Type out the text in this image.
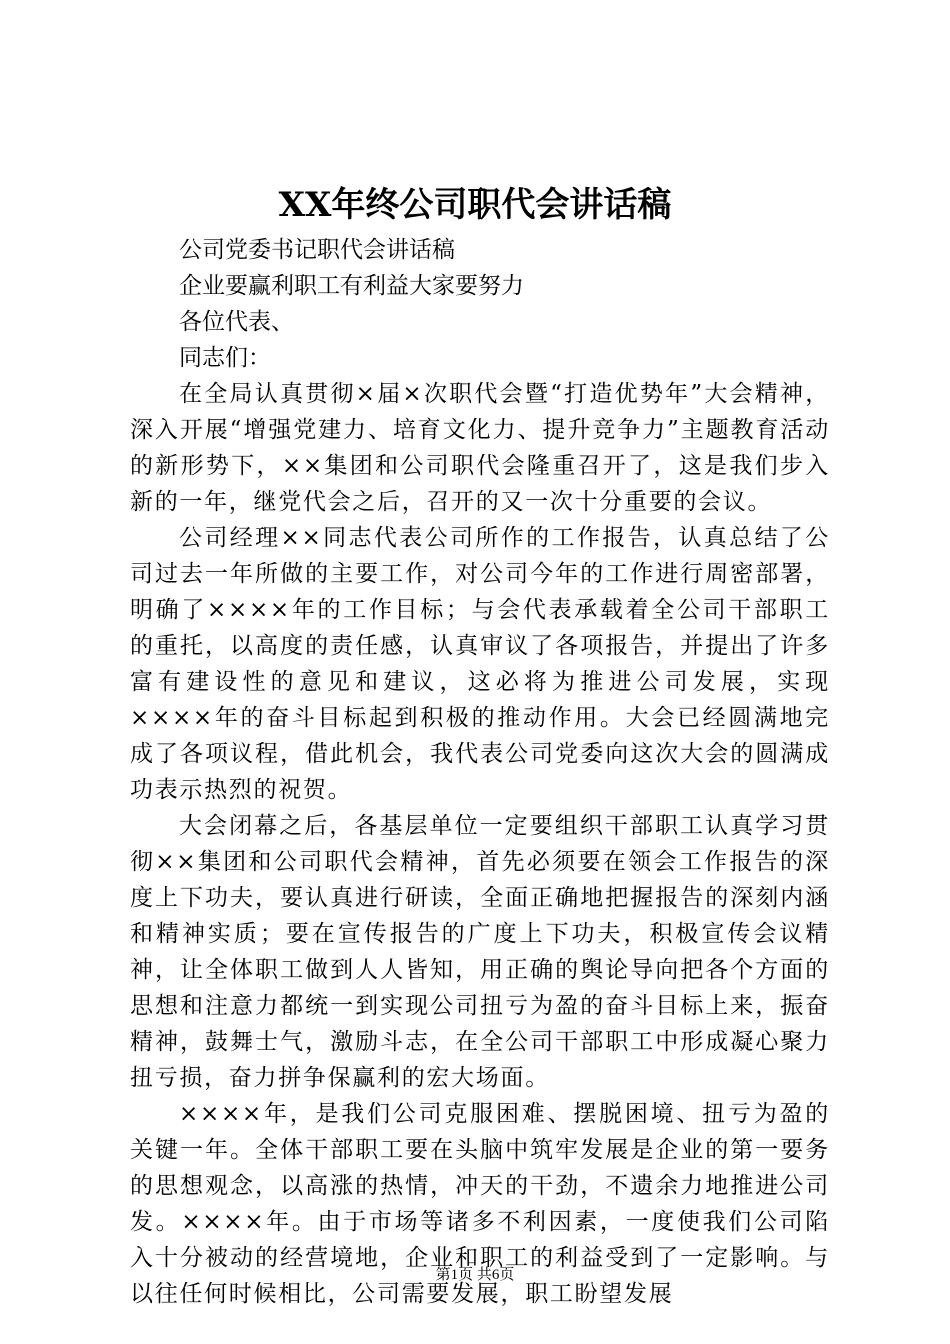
XX年终公司职代会讲话稿

公司党委书记职代会讲话稿

企业要赢利职工有利益大家要努力

各位代表、

同志们：

在全局认真贯彻×届×次职代会暨“打造优势年”大会精神，深入开展“增强党建力、培育文化力、提升竞争力”主题教育活动的新形势下，××集团和公司职代会隆重召开了，这是我们步入新的一年，继党代会之后，召开的又一次十分重要的会议。

公司经理××同志代表公司所作的工作报告，认真总结了公司过去一年所做的主要工作，对公司今年的工作进行周密部署，明确了××××年的工作目标；与会代表承载着全公司干部职工的重托，以高度的责任感，认真审议了各项报告，并提出了许多富有建设性的意见和建议，这必将为推进公司发展，实现××××年的奋斗目标起到积极的推动作用。大会已经圆满地完成了各项议程，借此机会，我代表公司党委向这次大会的圆满成功表示热烈的祝贺。

大会闭幕之后，各基层单位一定要组织干部职工认真学习贯彻××集团和公司职代会精神，首先必须要在领会工作报告的深度上下功夫，要认真进行研读，全面正确地把握报告的深刻内涵和精神实质；要在宣传报告的广度上下功夫，积极宣传会议精神，让全体职工做到人人皆知，用正确的舆论导向把各个方面的思想和注意力都统一到实现公司扭亏为盈的奋斗目标上来，振奋精神，鼓舞士气，激励斗志，在全公司干部职工中形成凝心聚力扭亏损，奋力拼争保赢利的宏大场面。

××××年，是我们公司克服困难、摆脱困境、扭亏为盈的关键一年。全体干部职工要在头脑中筑牢发展是企业的第一要务的思想观念，以高涨的热情，冲天的干劲，不遗余力地推进公司发。××××年。由于市场等诸多不利因素，一度使我们公司陷入十分被动的经营境地，企业和职工的利益受到了一定影响。与以往任何时候相比，公司需要发展，职工盼望发展

第1页 共6页
